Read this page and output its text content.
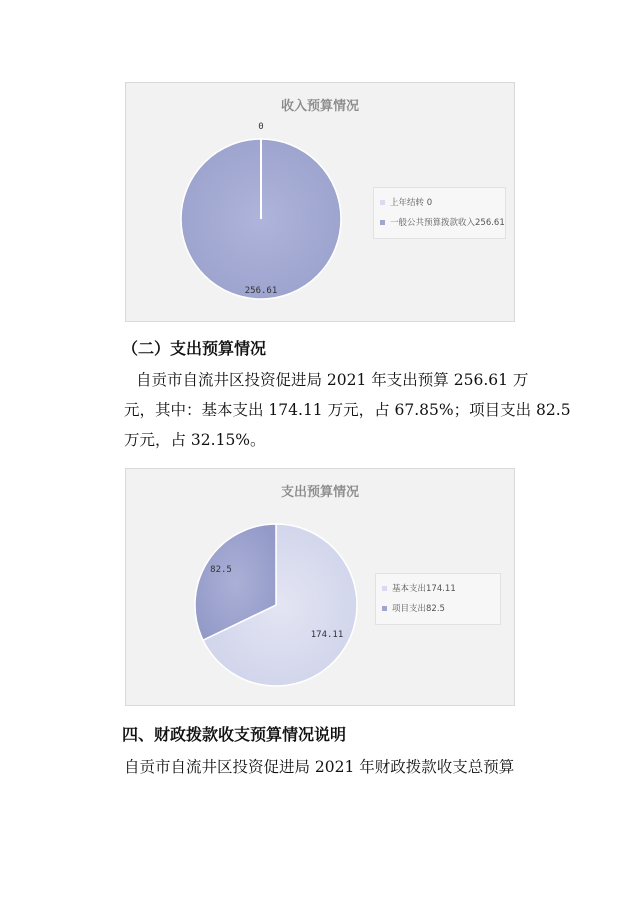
收入预算情况
0
256.61
上年结转 0
一般公共预算拨款收入256.61
（二）支出预算情况
自贡市自流井区投资促进局 2021 年支出预算 256.61 万
元，其中：基本支出 174.11 万元，占 67.85%；项目支出 82.5
万元，占 32.15%。
支出预算情况
174.11
82.5
基本支出174.11
项目支出82.5
四、财政拨款收支预算情况说明
自贡市自流井区投资促进局 2021 年财政拨款收支总预算
